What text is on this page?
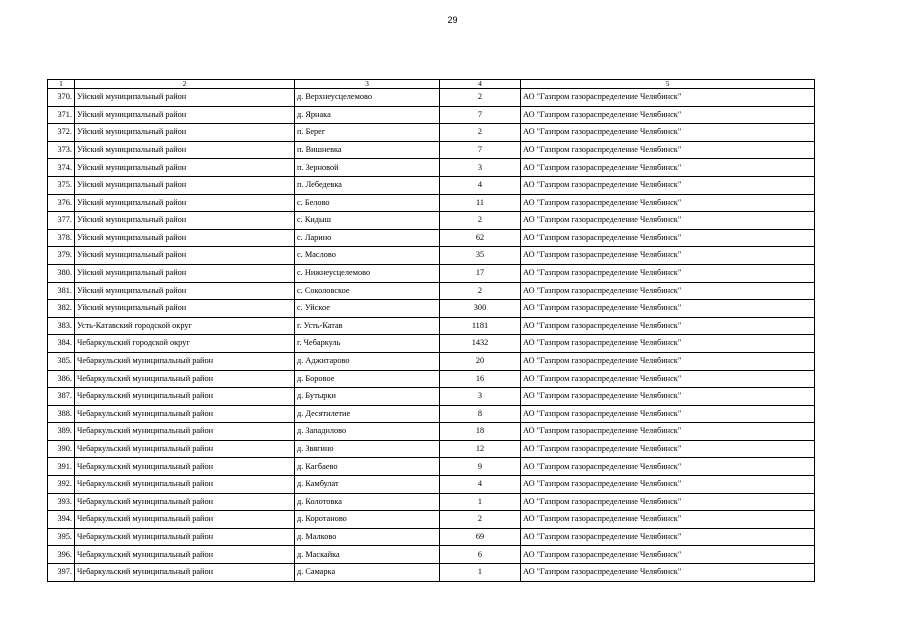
29
1	2	3	4	5
370.	Уйский муниципальный район	д. Верхнеусцелемово	2	АО "Газпром газораспределение Челябинск"
371.	Уйский муниципальный район	д. Ярнака	7	АО "Газпром газораспределение Челябинск"
372.	Уйский муниципальный район	п. Берег	2	АО "Газпром газораспределение Челябинск"
373.	Уйский муниципальный район	п. Вишневка	7	АО "Газпром газораспределение Челябинск"
374.	Уйский муниципальный район	п. Зерновой	3	АО "Газпром газораспределение Челябинск"
375.	Уйский муниципальный район	п. Лебедевка	4	АО "Газпром газораспределение Челябинск"
376.	Уйский муниципальный район	с. Белово	11	АО "Газпром газораспределение Челябинск"
377.	Уйский муниципальный район	с. Кидыш	2	АО "Газпром газораспределение Челябинск"
378.	Уйский муниципальный район	с. Ларино	62	АО "Газпром газораспределение Челябинск"
379.	Уйский муниципальный район	с. Маслово	35	АО "Газпром газораспределение Челябинск"
380.	Уйский муниципальный район	с. Нижнеусцелемово	17	АО "Газпром газораспределение Челябинск"
381.	Уйский муниципальный район	с. Соколовское	2	АО "Газпром газораспределение Челябинск"
382.	Уйский муниципальный район	с. Уйское	300	АО "Газпром газораспределение Челябинск"
383.	Усть-Катавский городской округ	г. Усть-Катав	1181	АО "Газпром газораспределение Челябинск"
384.	Чебаркульский городской округ	г. Чебаркуль	1432	АО "Газпром газораспределение Челябинск"
385.	Чебаркульский муниципальный район	д. Аджитарово	20	АО "Газпром газораспределение Челябинск"
386.	Чебаркульский муниципальный район	д. Боровое	16	АО "Газпром газораспределение Челябинск"
387.	Чебаркульский муниципальный район	д. Бутырки	3	АО "Газпром газораспределение Челябинск"
388.	Чебаркульский муниципальный район	д. Десятилетие	8	АО "Газпром газораспределение Челябинск"
389.	Чебаркульский муниципальный район	д. Западнлово	18	АО "Газпром газораспределение Челябинск"
390.	Чебаркульский муниципальный район	д. Звягино	12	АО "Газпром газораспределение Челябинск"
391.	Чебаркульский муниципальный район	д. Кагбаево	9	АО "Газпром газораспределение Челябинск"
392.	Чебаркульский муниципальный район	д. Камбулат	4	АО "Газпром газораспределение Челябинск"
393.	Чебаркульский муниципальный район	д. Колотовка	1	АО "Газпром газораспределение Челябинск"
394.	Чебаркульский муниципальный район	д. Коротаново	2	АО "Газпром газораспределение Челябинск"
395.	Чебаркульский муниципальный район	д. Малково	69	АО "Газпром газораспределение Челябинск"
396.	Чебаркульский муниципальный район	д. Маскайка	6	АО "Газпром газораспределение Челябинск"
397.	Чебаркульский муниципальный район	д. Самарка	1	АО "Газпром газораспределение Челябинск"
